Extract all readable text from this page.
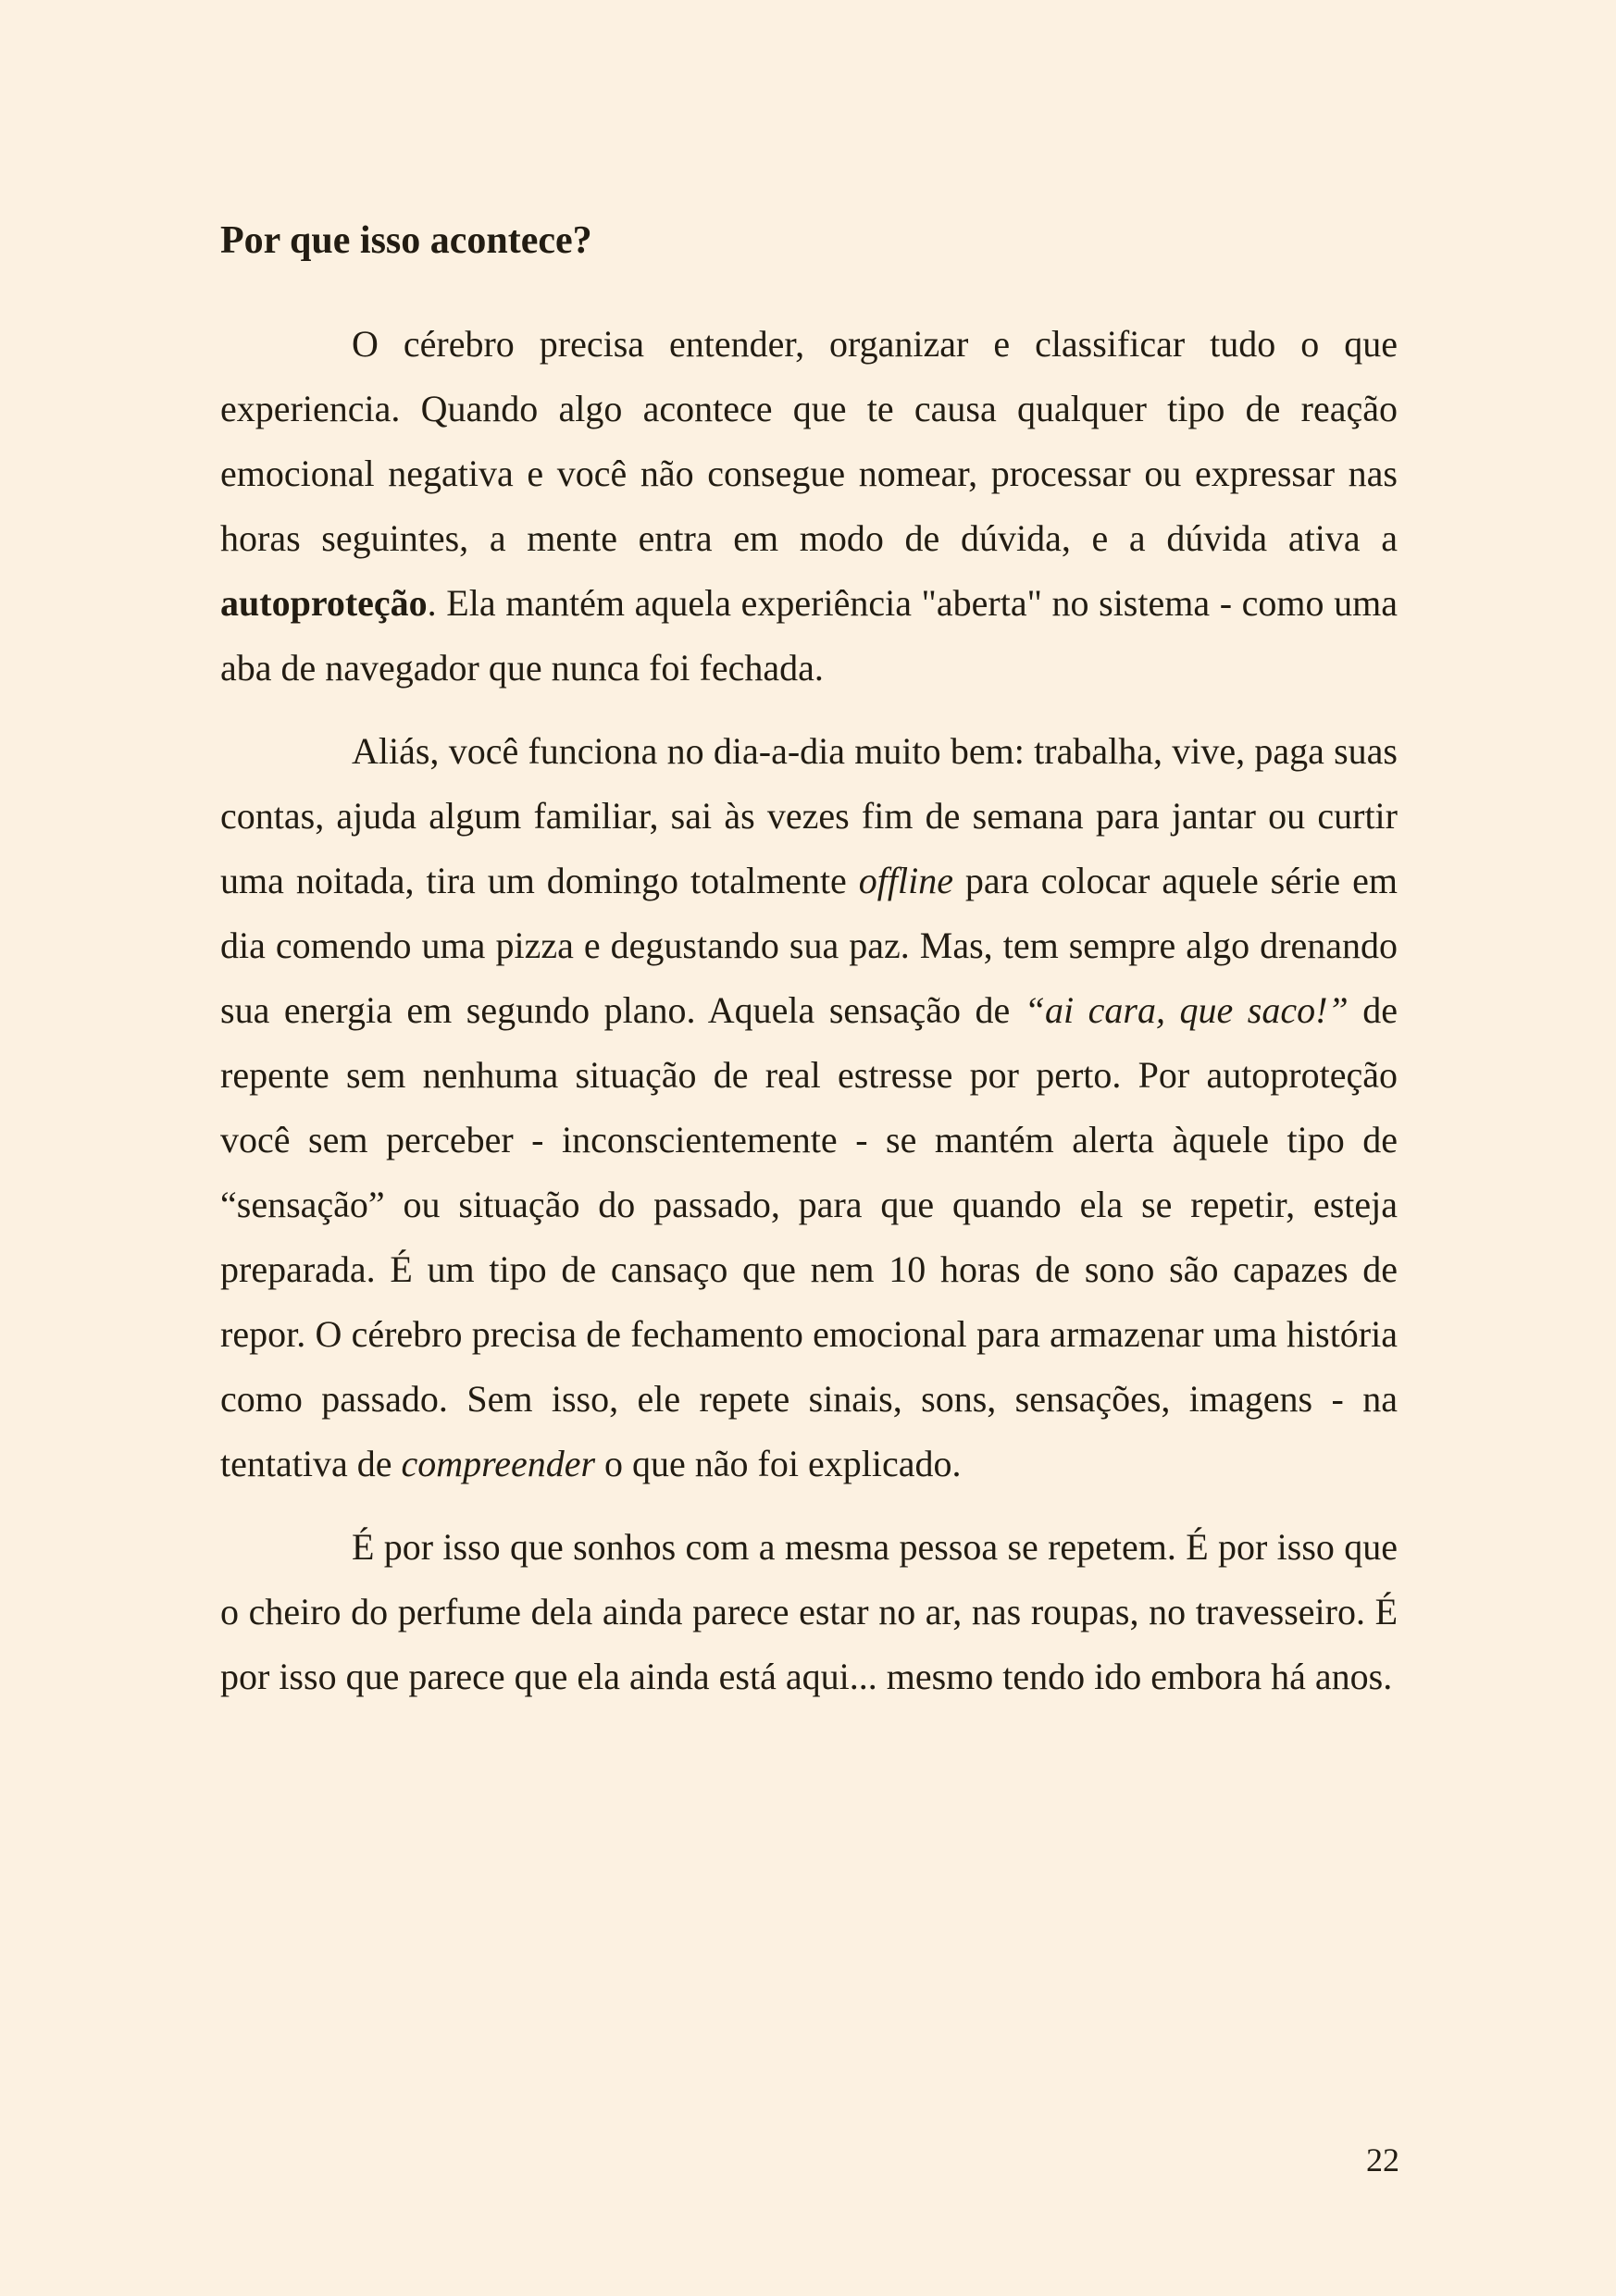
Por que isso acontece?

O cérebro precisa entender, organizar e classificar tudo o que experiencia. Quando algo acontece que te causa qualquer tipo de reação emocional negativa e você não consegue nomear, processar ou expressar nas horas seguintes, a mente entra em modo de dúvida, e a dúvida ativa a autoproteção. Ela mantém aquela experiência "aberta" no sistema - como uma aba de navegador que nunca foi fechada.

Aliás, você funciona no dia-a-dia muito bem: trabalha, vive, paga suas contas, ajuda algum familiar, sai às vezes fim de semana para jantar ou curtir uma noitada, tira um domingo totalmente offline para colocar aquele série em dia comendo uma pizza e degustando sua paz. Mas, tem sempre algo drenando sua energia em segundo plano. Aquela sensação de “ai cara, que saco!” de repente sem nenhuma situação de real estresse por perto. Por autoproteção você sem perceber - inconscientemente - se mantém alerta àquele tipo de “sensação” ou situação do passado, para que quando ela se repetir, esteja preparada. É um tipo de cansaço que nem 10 horas de sono são capazes de repor. O cérebro precisa de fechamento emocional para armazenar uma história como passado. Sem isso, ele repete sinais, sons, sensações, imagens - na tentativa de compreender o que não foi explicado.

É por isso que sonhos com a mesma pessoa se repetem. É por isso que o cheiro do perfume dela ainda parece estar no ar, nas roupas, no travesseiro. É por isso que parece que ela ainda está aqui... mesmo tendo ido embora há anos.

22
